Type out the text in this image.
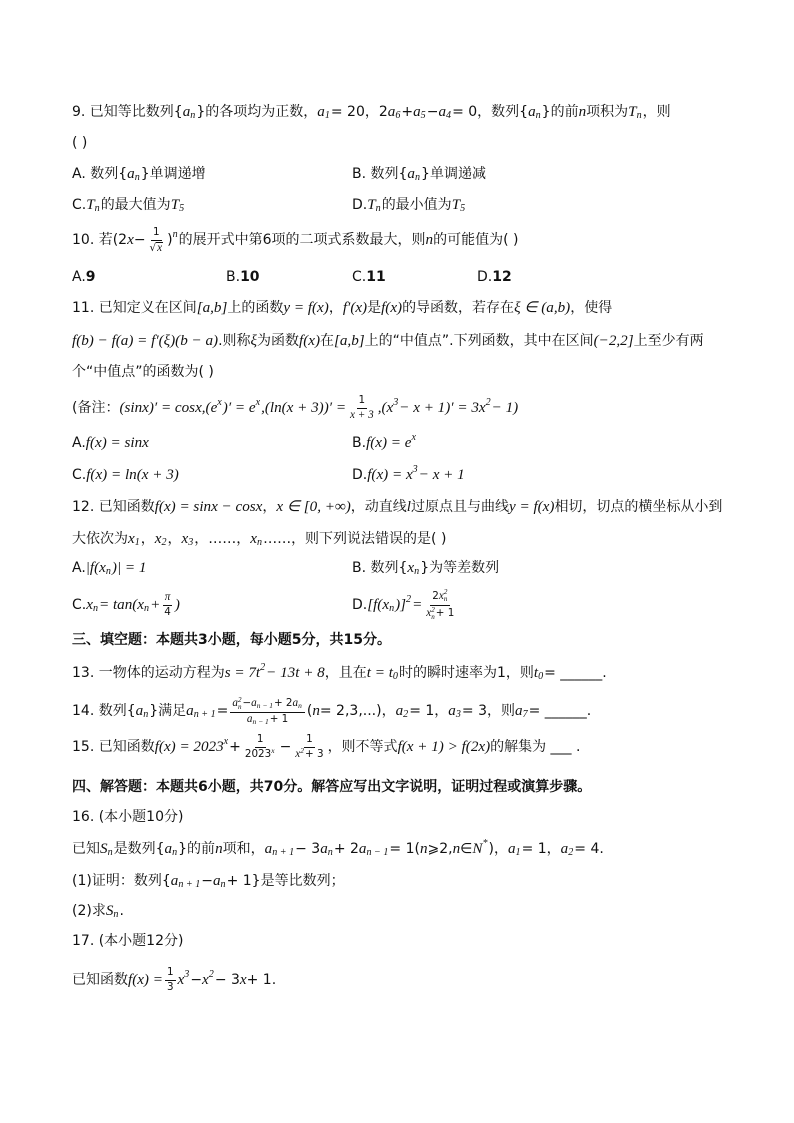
9. 已知等比数列{ a n }的各项均为正数， a 1 = 20，2 a 6 + a 5 − a 4 = 0，数列{ a n }的前 n 项积为 T n ，则
( )
A. 数列{ a n }单调递增	B. 数列{ a n }单调递减
C. T n 的最大值为 T 5	D. T n 的最小值为 T 5
10. 若(2 $x - \frac{1}{√ x}$ ) n 的展开式中第6项的二项式系数最大，则 n 的可能值为( )
A. 9	B. 10	C. 11	D. 12
11. 已知定义在区间 [a,b] 上的函数 y = f(x) ， f′(x) 是 f(x) 的导函数，若存在 ξ ∈ (a,b) ，使得
f(b) − f(a) = f′(ξ)(b − a) .则称 ξ 为函数 f(x) 在 [a,b] 上的“中值点”.下列函数，其中在区间 (−2,2] 上至少有两
个“中值点”的函数为( )
(备注： (sinx)′ = cosx,(e x )′ = e x $,(\ln(x + 3))' = \frac{1}{x + 3} ,(x$ 3 − x + 1)′ = 3x 2 − 1)
A. f(x) = sinx	B. f(x) = e x
C. f(x) = ln(x + 3)	D. f(x) = x 3 − x + 1
12. 已知函数 f(x) = sinx − cosx ， x ∈ [0, +∞) ，动直线 l 过原点且与曲线 y = f(x) 相切，切点的横坐标从小到
大依次为 x 1 ， x 2 ， x 3 ，……， x n ……，则下列说法错误的是( )
A. |f(x n )| = 1	B. 数列{ x n }为等差数列
C. x n = tan(x $n + \frac{\pi}{4}$ )	D. [f(x n )] 2 = 2 x 2
n
x 2
n + 1
三、填空题：本题共3小题，每小题5分，共15分。
13. 一物体的运动方程为 s = 7t 2 − 13t + 8 ，且在 t = t 0 时的瞬时速率为1，则 t 0 = ______.
14. 数列{ a n }满足 a n + 1 = a 2
n − a n − 1 + 2 a n
a n − 1 + 1 ( n = 2,3,...)， a 2 = 1， a 3 = 3，则 a 7 = ______.
15. 已知函数 f(x) = 2023 $x + \frac{1}{2023 x} - \frac{1}{x 2 + 3}$ ，则不等式 f(x + 1) > f(2x) 的解集为 ___ .
四、解答题：本题共6小题，共70分。解答应写出文字说明，证明过程或演算步骤。
16. (本小题10分)
已知 S n 是数列{ a n }的前 n 项和， a n + 1 − 3 a n + 2 a n − 1 = 1( n ⩾2, n ∈ N * )， a 1 = 1， a 2 = 4.
(1)证明：数列{ a n + 1 − a n + 1}是等比数列；
(2)求 S n .
17. (本小题12分)
已知函数 $f(x) = \frac{1}{3}$ x 3 − x 2 − 3 x + 1.
